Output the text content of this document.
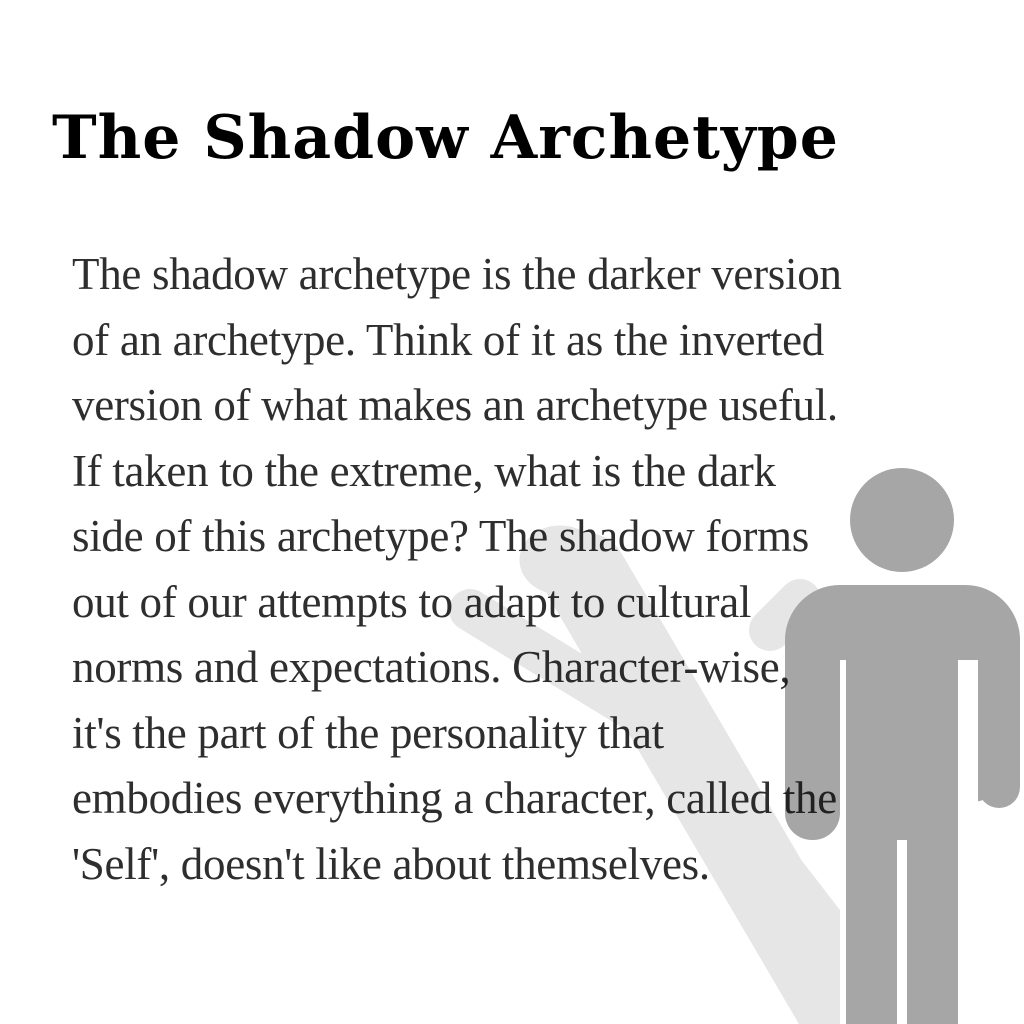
The Shadow Archetype
The shadow archetype is the darker version
of an archetype. Think of it as the inverted
version of what makes an archetype useful.
If taken to the extreme, what is the dark
side of this archetype? The shadow forms
out of our attempts to adapt to cultural
norms and expectations. Character-wise,
it's the part of the personality that
embodies everything a character, called the
'Self', doesn't like about themselves.
